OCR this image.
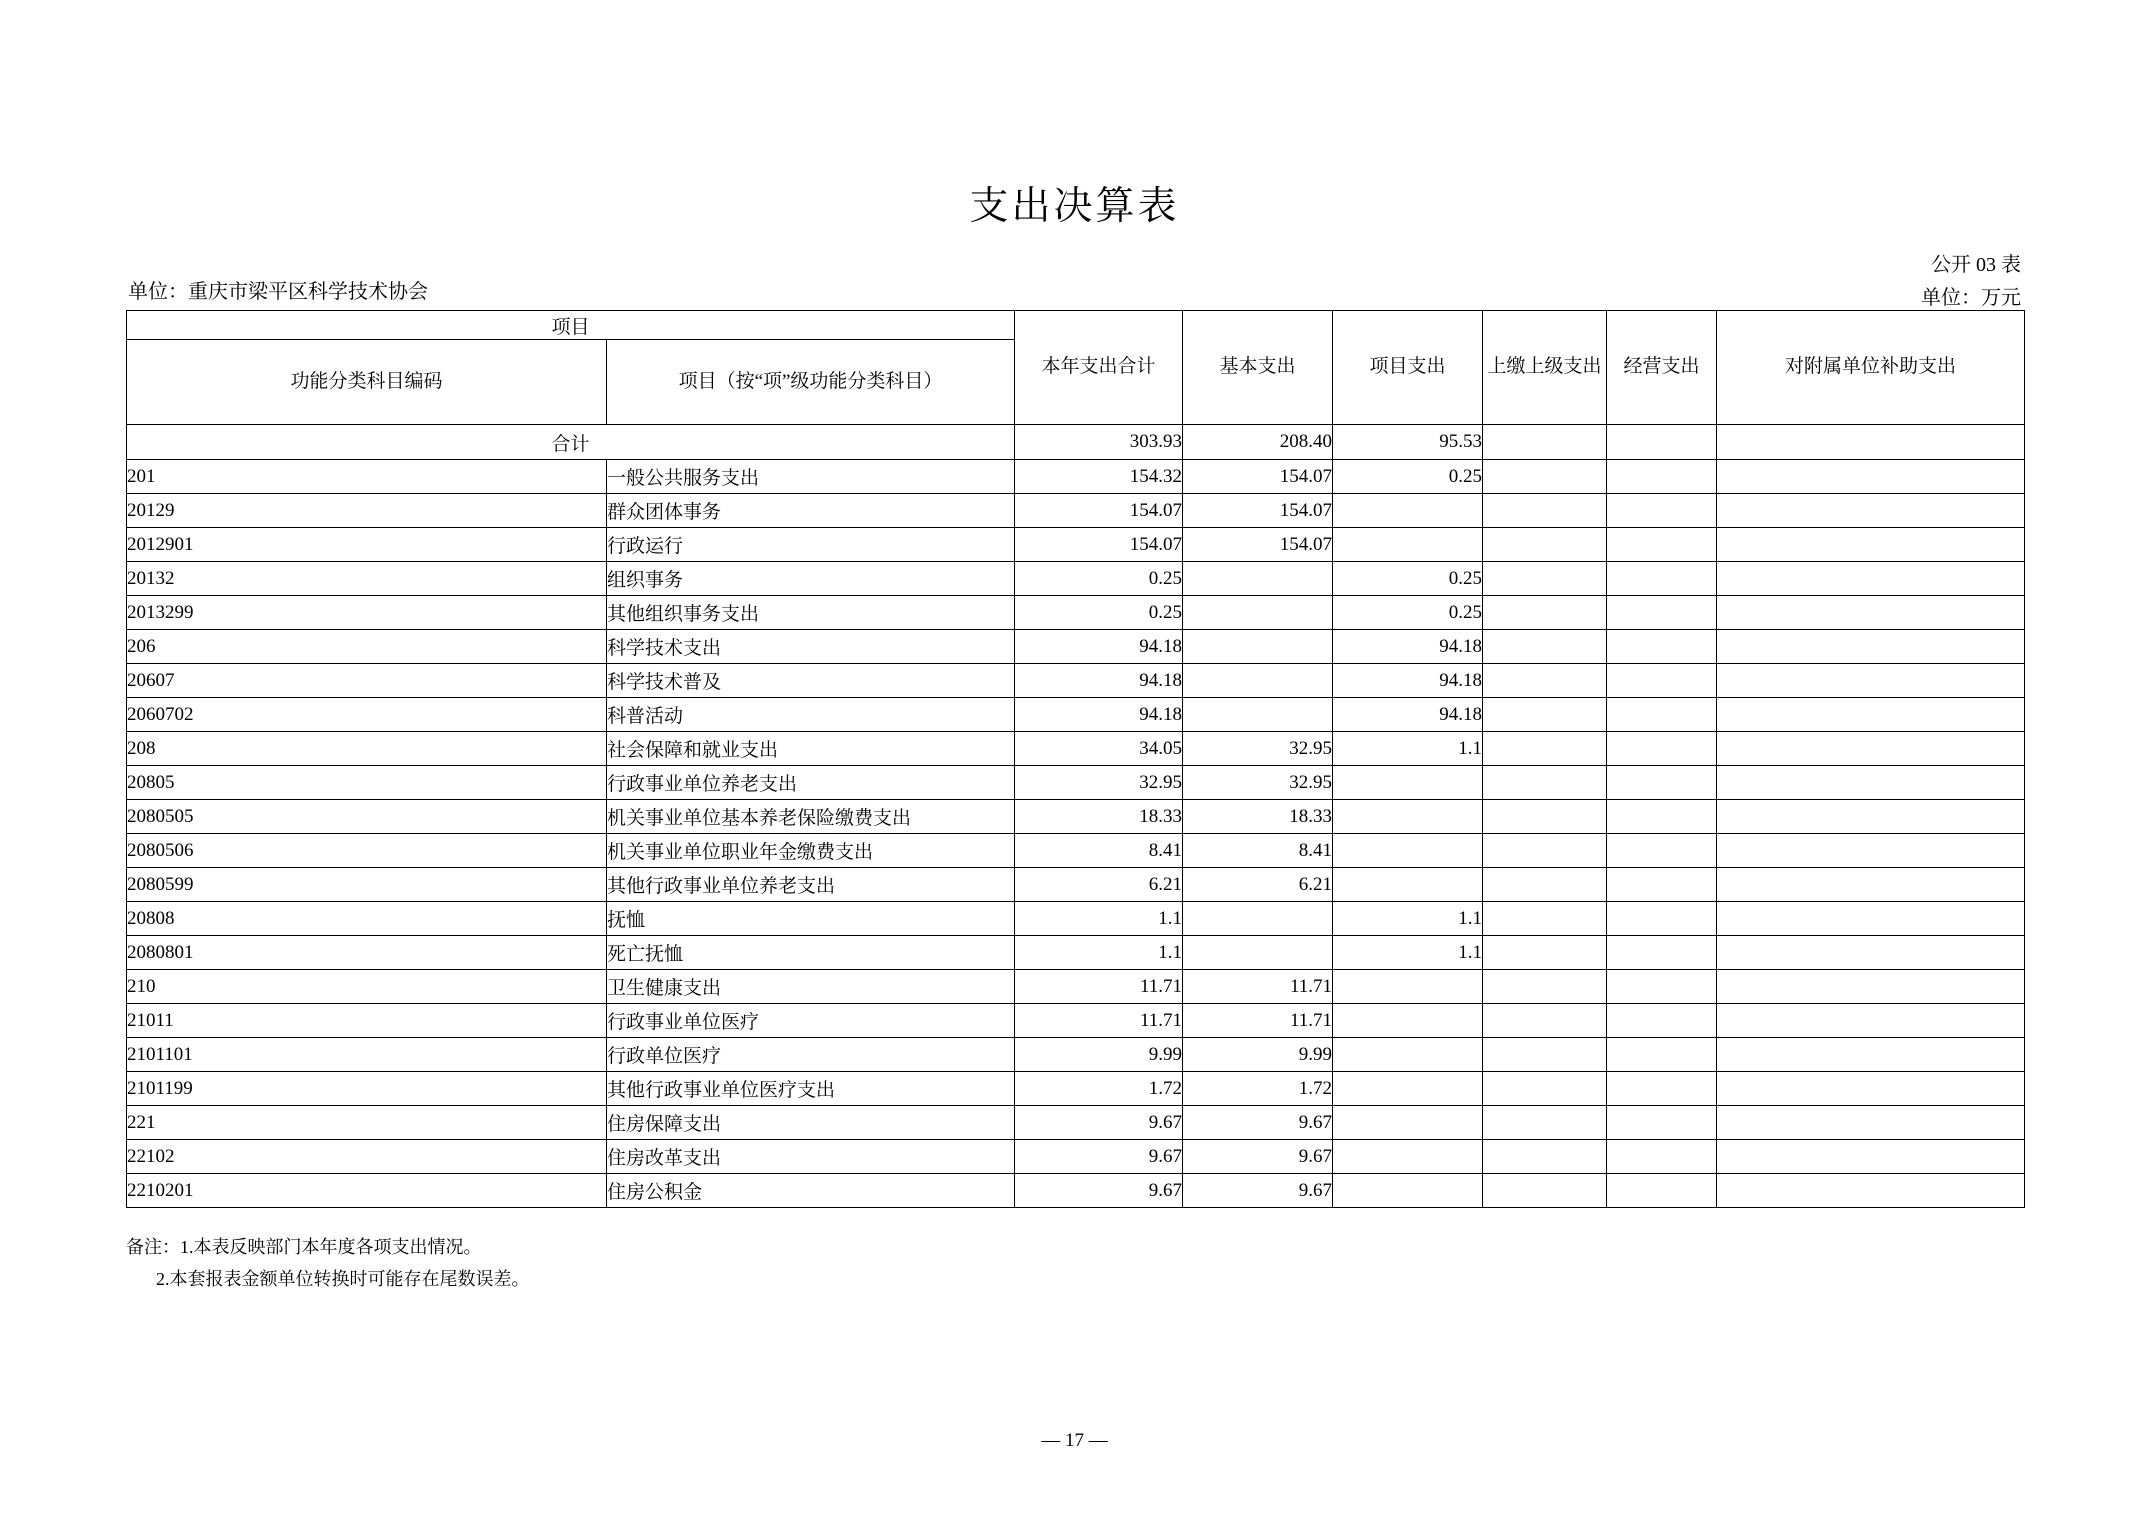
支出决算表
公开 03 表
单位：重庆市梁平区科学技术协会	单位：万元
项目		本年支出合计	基本支出	项目支出	上缴上级支出	经营支出	对附属单位补助支出
功能分类科目编码	项目（按“项”级功能分类科目）						
合计		303.93	208.40	95.53			
201	一般公共服务支出	154.32	154.07	0.25			
20129	群众团体事务	154.07	154.07				
2012901	行政运行	154.07	154.07				
20132	组织事务	0.25		0.25			
2013299	其他组织事务支出	0.25		0.25			
206	科学技术支出	94.18		94.18			
20607	科学技术普及	94.18		94.18			
2060702	科普活动	94.18		94.18			
208	社会保障和就业支出	34.05	32.95	1.1			
20805	行政事业单位养老支出	32.95	32.95				
2080505	机关事业单位基本养老保险缴费支出	18.33	18.33				
2080506	机关事业单位职业年金缴费支出	8.41	8.41				
2080599	其他行政事业单位养老支出	6.21	6.21				
20808	抚恤	1.1		1.1			
2080801	死亡抚恤	1.1		1.1			
210	卫生健康支出	11.71	11.71				
21011	行政事业单位医疗	11.71	11.71				
2101101	行政单位医疗	9.99	9.99				
2101199	其他行政事业单位医疗支出	1.72	1.72				
221	住房保障支出	9.67	9.67				
22102	住房改革支出	9.67	9.67				
2210201	住房公积金	9.67	9.67				
备注：1.本表反映部门本年度各项支出情况。
2.本套报表金额单位转换时可能存在尾数误差。
— 17 —
